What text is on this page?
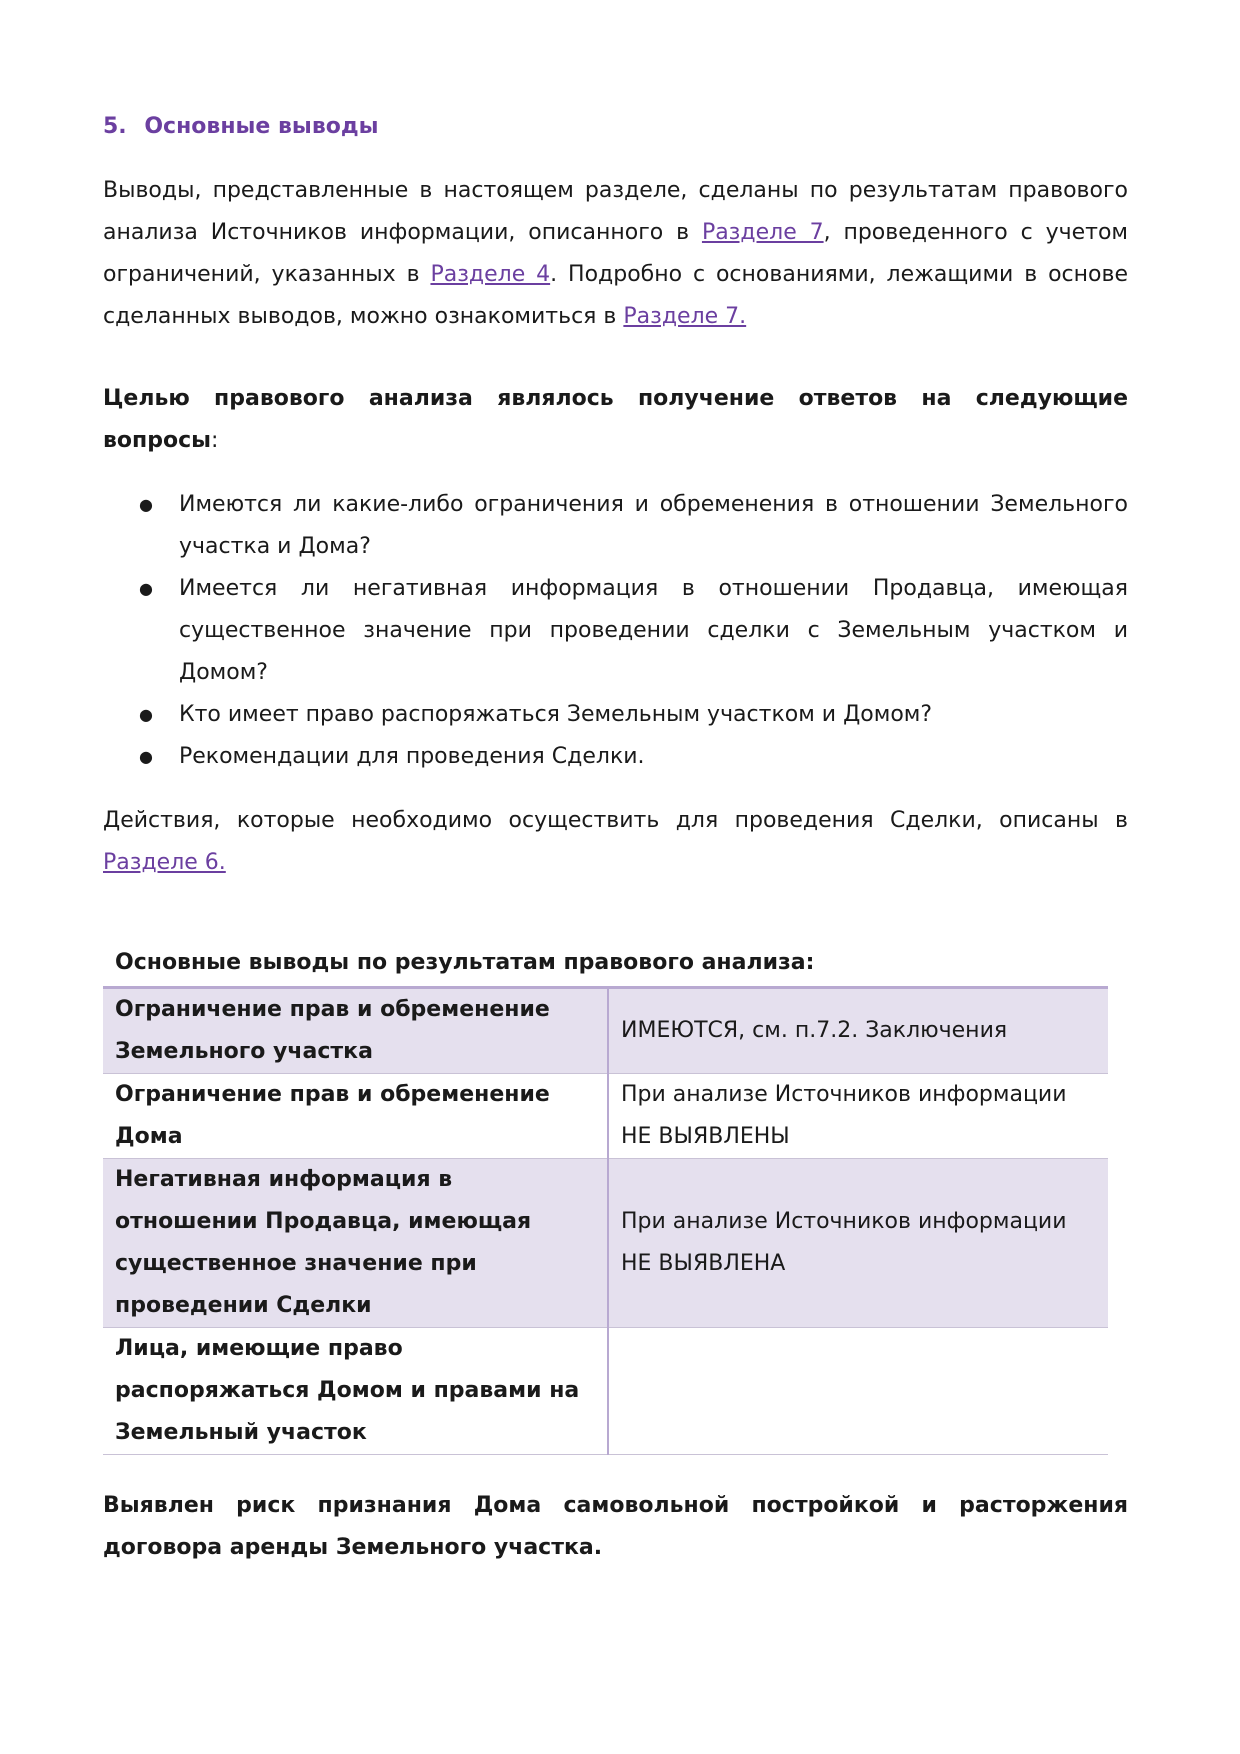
5. Основные выводы

Выводы, представленные в настоящем разделе, сделаны по результатам правового анализа Источников информации, описанного в Разделе 7, проведенного с учетом ограничений, указанных в Разделе 4. Подробно с основаниями, лежащими в основе сделанных выводов, можно ознакомиться в Разделе 7.

Целью правового анализа являлось получение ответов на следующие вопросы:

● Имеются ли какие-либо ограничения и обременения в отношении Земельного участка и Дома?
● Имеется ли негативная информация в отношении Продавца, имеющая существенное значение при проведении сделки с Земельным участком и Домом?
● Кто имеет право распоряжаться Земельным участком и Домом?
● Рекомендации для проведения Сделки.

Действия, которые необходимо осуществить для проведения Сделки, описаны в Разделе 6.

Основные выводы по результатам правового анализа:
Ограничение прав и обременение Земельного участка	ИМЕЮТСЯ, см. п.7.2. Заключения
Ограничение прав и обременение Дома	При анализе Источников информации НЕ ВЫЯВЛЕНЫ
Негативная информация в отношении Продавца, имеющая существенное значение при проведении Сделки	При анализе Источников информации НЕ ВЫЯВЛЕНА
Лица, имеющие право распоряжаться Домом и правами на Земельный участок	

Выявлен риск признания Дома самовольной постройкой и расторжения договора аренды Земельного участка.
